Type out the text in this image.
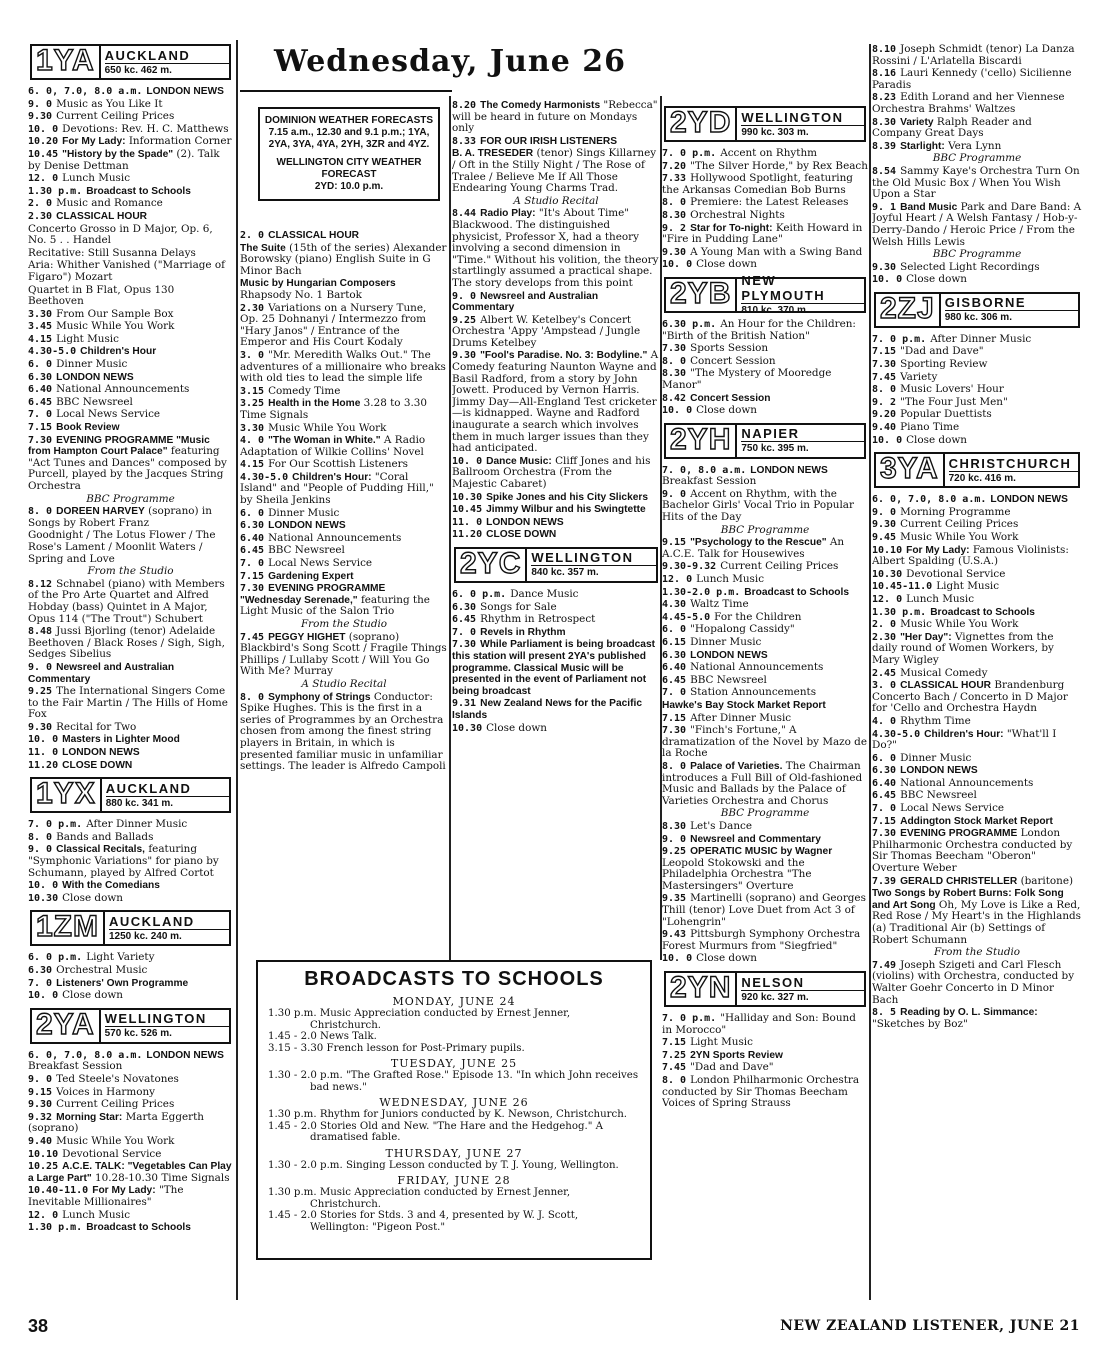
Wednesday, June 26
DOMINION WEATHER FORECASTS
7.15 a.m., 12.30 and 9.1 p.m.; 1YA, 2YA, 3YA, 4YA, 2YH, 3ZR and 4YZ.
WELLINGTON CITY WEATHER FORECAST
2YD: 10.0 p.m.
1YA AUCKLAND
650 kc. 462 m.
6. 0, 7.0, 8.0 a.m. LONDON NEWS
9. 0 Music as You Like It
9.30 Current Ceiling Prices
10. 0 Devotions: Rev. H. C. Matthews
10.20 For My Lady: Information Corner
10.45 "History by the Spade" (2). Talk by Denise Dettman
12. 0 Lunch Music
1.30 p.m. Broadcast to Schools
2. 0 Music and Romance
2.30 CLASSICAL HOUR
Concerto Grosso in D Major, Op. 6, No. 5 . . Handel
Recitative: Still Susanna Delays
Aria: Whither Vanished ("Marriage of Figaro") Mozart
Quartet in B Flat, Opus 130 Beethoven
3.30 From Our Sample Box
3.45 Music While You Work
4.15 Light Music
4.30-5.0 Children's Hour
6. 0 Dinner Music
6.30 LONDON NEWS
6.40 National Announcements
6.45 BBC Newsreel
7. 0 Local News Service
7.15 Book Review
7.30 EVENING PROGRAMME "Music from Hampton Court Palace" featuring "Act Tunes and Dances" composed by Purcell, played by the Jacques String Orchestra
BBC Programme
8. 0 DOREEN HARVEY (soprano) in Songs by Robert Franz
Goodnight / The Lotus Flower / The Rose's Lament / Moonlit Waters / Spring and Love
From the Studio
8.12 Schnabel (piano) with Members of the Pro Arte Quartet and Alfred Hobday (bass) Quintet in A Major, Opus 114 ("The Trout") Schubert
8.48 Jussi Bjorling (tenor) Adelaide Beethoven / Black Roses / Sigh, Sigh, Sedges Sibelius
9. 0 Newsreel and Australian Commentary
9.25 The International Singers Come to the Fair Martin / The Hills of Home Fox
9.30 Recital for Two
10. 0 Masters in Lighter Mood
11. 0 LONDON NEWS
11.20 CLOSE DOWN
1YX AUCKLAND
880 kc. 341 m.
7. 0 p.m. After Dinner Music
8. 0 Bands and Ballads
9. 0 Classical Recitals, featuring "Symphonic Variations" for piano by Schumann, played by Alfred Cortot
10. 0 With the Comedians
10.30 Close down
1ZM AUCKLAND
1250 kc. 240 m.
6. 0 p.m. Light Variety
6.30 Orchestral Music
7. 0 Listeners' Own Programme
10. 0 Close down
2YA WELLINGTON
570 kc. 526 m.
6. 0, 7.0, 8.0 a.m. LONDON NEWS Breakfast Session
9. 0 Ted Steele's Novatones
9.15 Voices in Harmony
9.30 Current Ceiling Prices
9.32 Morning Star: Marta Eggerth (soprano)
9.40 Music While You Work
10.10 Devotional Service
10.25 A.C.E. TALK: "Vegetables Can Play a Large Part" 10.28-10.30 Time Signals
10.40-11.0 For My Lady: "The Inevitable Millionaires"
12. 0 Lunch Music
1.30 p.m. Broadcast to Schools
2. 0 CLASSICAL HOUR
The Suite (15th of the series) Alexander Borowsky (piano) English Suite in G Minor Bach
Music by Hungarian Composers Rhapsody No. 1 Bartok
2.30 Variations on a Nursery Tune, Op. 25 Dohnanyi / Intermezzo from "Hary Janos" / Entrance of the Emperor and His Court Kodaly
3. 0 "Mr. Meredith Walks Out." The adventures of a millionaire who breaks with old ties to lead the simple life
3.15 Comedy Time
3.25 Health in the Home 3.28 to 3.30 Time Signals
3.30 Music While You Work
4. 0 "The Woman in White." A Radio Adaptation of Wilkie Collins' Novel
4.15 For Our Scottish Listeners
4.30-5.0 Children's Hour: "Coral Island" and "People of Pudding Hill," by Sheila Jenkins
6. 0 Dinner Music
6.30 LONDON NEWS
6.40 National Announcements
6.45 BBC Newsreel
7. 0 Local News Service
7.15 Gardening Expert
7.30 EVENING PROGRAMME "Wednesday Serenade," featuring the Light Music of the Salon Trio
From the Studio
7.45 PEGGY HIGHET (soprano) Blackbird's Song Scott / Fragile Things Phillips / Lullaby Scott / Will You Go With Me? Murray
A Studio Recital
8. 0 Symphony of Strings Conductor: Spike Hughes. This is the first in a series of Programmes by an Orchestra chosen from among the finest string players in Britain, in which is presented familiar music in unfamiliar settings. The leader is Alfredo Campoli
8.20 The Comedy Harmonists "Rebecca" will be heard in future on Mondays only
8.33 FOR OUR IRISH LISTENERS
B. A. TRESEDER (tenor) Sings Killarney / Oft in the Stilly Night / The Rose of Tralee / Believe Me If All Those Endearing Young Charms Trad.
A Studio Recital
8.44 Radio Play: "It's About Time" Blackwood. The distinguished physicist, Professor X, had a theory involving a second dimension in "Time." Without his volition, the theory startlingly assumed a practical shape. The story develops from this point
9. 0 Newsreel and Australian Commentary
9.25 Albert W. Ketelbey's Concert Orchestra 'Appy 'Ampstead / Jungle Drums Ketelbey
9.30 "Fool's Paradise. No. 3: Bodyline." A Comedy featuring Naunton Wayne and Basil Radford, from a story by John Jowett. Produced by Vernon Harris. Jimmy Day—All-England Test cricketer—is kidnapped. Wayne and Radford inaugurate a search which involves them in much larger issues than they had anticipated.
10. 0 Dance Music: Cliff Jones and his Ballroom Orchestra (From the Majestic Cabaret)
10.30 Spike Jones and his City Slickers
10.45 Jimmy Wilbur and his Swingtette
11. 0 LONDON NEWS
11.20 CLOSE DOWN
2YC WELLINGTON
840 kc. 357 m.
6. 0 p.m. Dance Music
6.30 Songs for Sale
6.45 Rhythm in Retrospect
7. 0 Revels in Rhythm
7.30 While Parliament is being broadcast this station will present 2YA's published programme. Classical Music will be presented in the event of Parliament not being broadcast
9.31 New Zealand News for the Pacific Islands
10.30 Close down
2YD WELLINGTON
990 kc. 303 m.
7. 0 p.m. Accent on Rhythm
7.20 "The Silver Horde," by Rex Beach
7.33 Hollywood Spotlight, featuring the Arkansas Comedian Bob Burns
8. 0 Premiere: the Latest Releases
8.30 Orchestral Nights
9. 2 Star for To-night: Keith Howard in "Fire in Pudding Lane"
9.30 A Young Man with a Swing Band
10. 0 Close down
2YB NEW PLYMOUTH
810 kc. 370 m.
6.30 p.m. An Hour for the Children: "Birth of the British Nation"
7.30 Sports Session
8. 0 Concert Session
8.30 "The Mystery of Mooredge Manor"
8.42 Concert Session
10. 0 Close down
2YH NAPIER
750 kc. 395 m.
7. 0, 8.0 a.m. LONDON NEWS Breakfast Session
9. 0 Accent on Rhythm, with the Bachelor Girls' Vocal Trio in Popular Hits of the Day
BBC Programme
9.15 "Psychology to the Rescue" An A.C.E. Talk for Housewives
9.30-9.32 Current Ceiling Prices
12. 0 Lunch Music
1.30-2.0 p.m. Broadcast to Schools
4.30 Waltz Time
4.45-5.0 For the Children
6. 0 "Hopalong Cassidy"
6.15 Dinner Music
6.30 LONDON NEWS
6.40 National Announcements
6.45 BBC Newsreel
7. 0 Station Announcements
Hawke's Bay Stock Market Report
7.15 After Dinner Music
7.30 "Finch's Fortune," A dramatization of the Novel by Mazo de la Roche
8. 0 Palace of Varieties. The Chairman introduces a Full Bill of Old-fashioned Music and Ballads by the Palace of Varieties Orchestra and Chorus
BBC Programme
8.30 Let's Dance
9. 0 Newsreel and Commentary
9.25 OPERATIC MUSIC by Wagner Leopold Stokowski and the Philadelphia Orchestra "The Mastersingers" Overture
9.35 Martinelli (soprano) and Georges Thill (tenor) Love Duet from Act 3 of "Lohengrin"
9.43 Pittsburgh Symphony Orchestra Forest Murmurs from "Siegfried"
10. 0 Close down
2YN NELSON
920 kc. 327 m.
7. 0 p.m. "Halliday and Son: Bound in Morocco"
7.15 Light Music
7.25 2YN Sports Review
7.45 "Dad and Dave"
8. 0 London Philharmonic Orchestra conducted by Sir Thomas Beecham Voices of Spring Strauss
8.10 Joseph Schmidt (tenor) La Danza Rossini / L'Arlatella Biscardi
8.16 Lauri Kennedy ('cello) Sicilienne Paradis
8.23 Edith Lorand and her Viennese Orchestra Brahms' Waltzes
8.30 Variety Ralph Reader and Company Great Days
8.39 Starlight: Vera Lynn
BBC Programme
8.54 Sammy Kaye's Orchestra Turn On the Old Music Box / When You Wish Upon a Star
9. 1 Band Music Park and Dare Band: A Joyful Heart / A Welsh Fantasy / Hob-y-Derry-Dando / Heroic Price / From the Welsh Hills Lewis
BBC Programme
9.30 Selected Light Recordings
10. 0 Close down
2ZJ GISBORNE
980 kc. 306 m.
7. 0 p.m. After Dinner Music
7.15 "Dad and Dave"
7.30 Sporting Review
7.45 Variety
8. 0 Music Lovers' Hour
9. 2 "The Four Just Men"
9.20 Popular Duettists
9.40 Piano Time
10. 0 Close down
3YA CHRISTCHURCH
720 kc. 416 m.
6. 0, 7.0, 8.0 a.m. LONDON NEWS
9. 0 Morning Programme
9.30 Current Ceiling Prices
9.45 Music While You Work
10.10 For My Lady: Famous Violinists: Albert Spalding (U.S.A.)
10.30 Devotional Service
10.45-11.0 Light Music
12. 0 Lunch Music
1.30 p.m. Broadcast to Schools
2. 0 Music While You Work
2.30 "Her Day": Vignettes from the daily round of Women Workers, by Mary Wigley
2.45 Musical Comedy
3. 0 CLASSICAL HOUR Brandenburg Concerto Bach / Concerto in D Major for 'Cello and Orchestra Haydn
4. 0 Rhythm Time
4.30-5.0 Children's Hour: "What'll I Do?"
6. 0 Dinner Music
6.30 LONDON NEWS
6.40 National Announcements
6.45 BBC Newsreel
7. 0 Local News Service
7.15 Addington Stock Market Report
7.30 EVENING PROGRAMME London Philharmonic Orchestra conducted by Sir Thomas Beecham "Oberon" Overture Weber
7.39 GERALD CHRISTELLER (baritone)
Two Songs by Robert Burns: Folk Song and Art Song Oh, My Love is Like a Red, Red Rose / My Heart's in the Highlands (a) Traditional Air (b) Settings of Robert Schumann
From the Studio
7.49 Joseph Szigeti and Carl Flesch (violins) with Orchestra, conducted by Walter Goehr Concerto in D Minor Bach
8. 5 Reading by O. L. Simmance: "Sketches by Boz"
BROADCASTS TO SCHOOLS
MONDAY, JUNE 24
1.30 p.m. Music Appreciation conducted by Ernest Jenner, Christchurch.
1.45 - 2.0 News Talk.
3.15 - 3.30 French lesson for Post-Primary pupils.
TUESDAY, JUNE 25
1.30 - 2.0 p.m. "The Grafted Rose." Episode 13. "In which John receives bad news."
WEDNESDAY, JUNE 26
1.30 p.m. Rhythm for Juniors conducted by K. Newson, Christchurch.
1.45 - 2.0 Stories Old and New. "The Hare and the Hedgehog." A dramatised fable.
THURSDAY, JUNE 27
1.30 - 2.0 p.m. Singing Lesson conducted by T. J. Young, Wellington.
FRIDAY, JUNE 28
1.30 p.m. Music Appreciation conducted by Ernest Jenner, Christchurch.
1.45 - 2.0 Stories for Stds. 3 and 4, presented by W. J. Scott, Wellington: "Pigeon Post."
38	NEW ZEALAND LISTENER, JUNE 21
